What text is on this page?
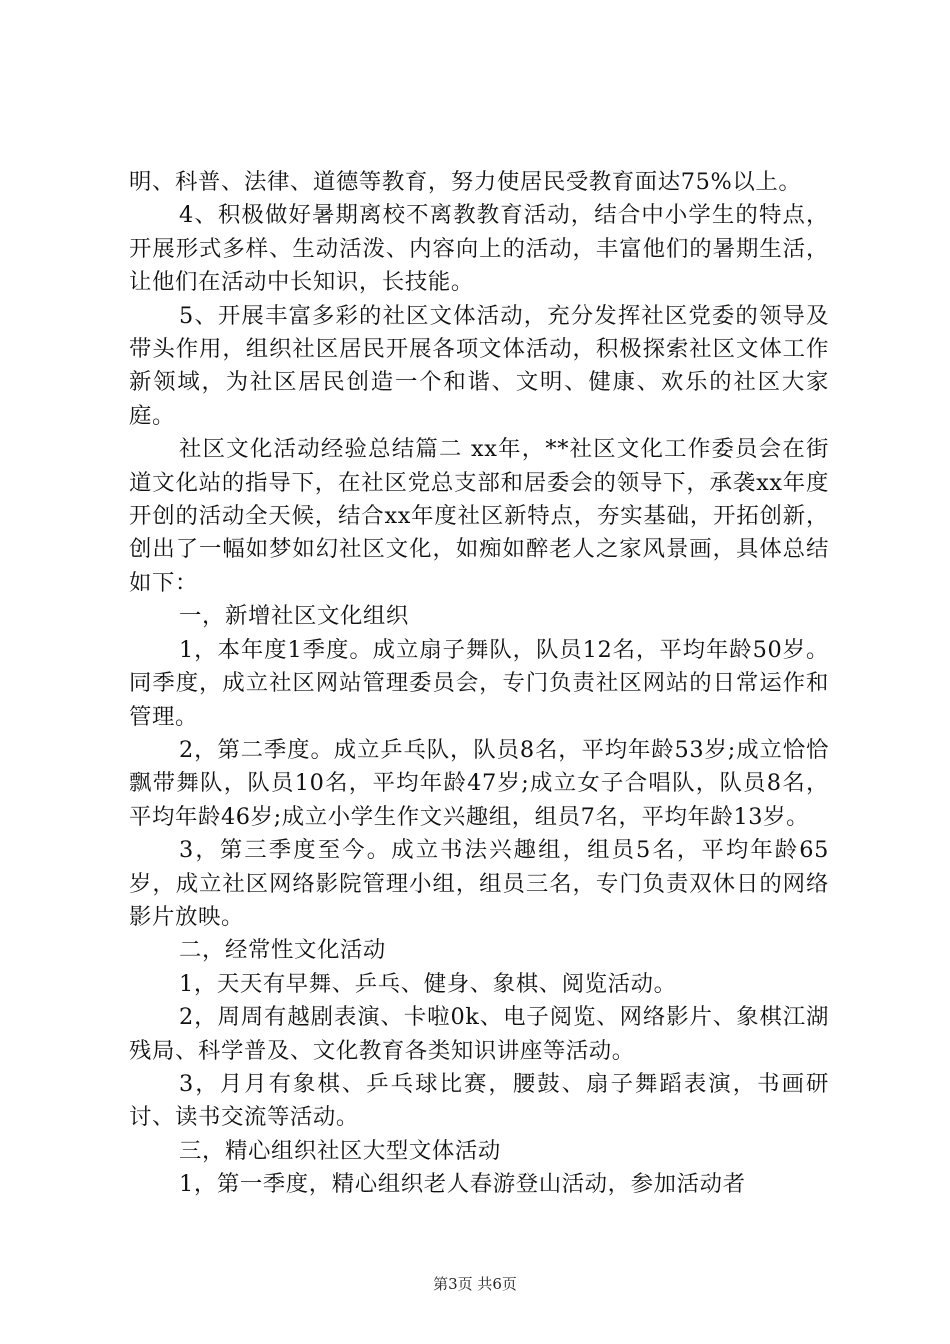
明、科普、法律、道德等教育，努力使居民受教育面达75%以上。

4、积极做好暑期离校不离教教育活动，结合中小学生的特点，开展形式多样、生动活泼、内容向上的活动，丰富他们的暑期生活，让他们在活动中长知识，长技能。

5、开展丰富多彩的社区文体活动，充分发挥社区党委的领导及带头作用，组织社区居民开展各项文体活动，积极探索社区文体工作新领域，为社区居民创造一个和谐、文明、健康、欢乐的社区大家庭。

社区文化活动经验总结篇二 xx年，**社区文化工作委员会在街道文化站的指导下，在社区党总支部和居委会的领导下，承袭xx年度开创的活动全天候，结合xx年度社区新特点，夯实基础，开拓创新，创出了一幅如梦如幻社区文化，如痴如醉老人之家风景画，具体总结如下：

一，新增社区文化组织

1，本年度1季度。成立扇子舞队，队员12名，平均年龄50岁。同季度，成立社区网站管理委员会，专门负责社区网站的日常运作和管理。

2，第二季度。成立乒乓队，队员8名，平均年龄53岁;成立恰恰飘带舞队，队员10名，平均年龄47岁;成立女子合唱队，队员8名，平均年龄46岁;成立小学生作文兴趣组，组员7名，平均年龄13岁。

3，第三季度至今。成立书法兴趣组，组员5名，平均年龄65岁，成立社区网络影院管理小组，组员三名，专门负责双休日的网络影片放映。

二，经常性文化活动

1，天天有早舞、乒乓、健身、象棋、阅览活动。

2，周周有越剧表演、卡啦0k、电子阅览、网络影片、象棋江湖残局、科学普及、文化教育各类知识讲座等活动。

3，月月有象棋、乒乓球比赛，腰鼓、扇子舞蹈表演，书画研讨、读书交流等活动。

三，精心组织社区大型文体活动

1，第一季度，精心组织老人春游登山活动，参加活动者

第3页 共6页
